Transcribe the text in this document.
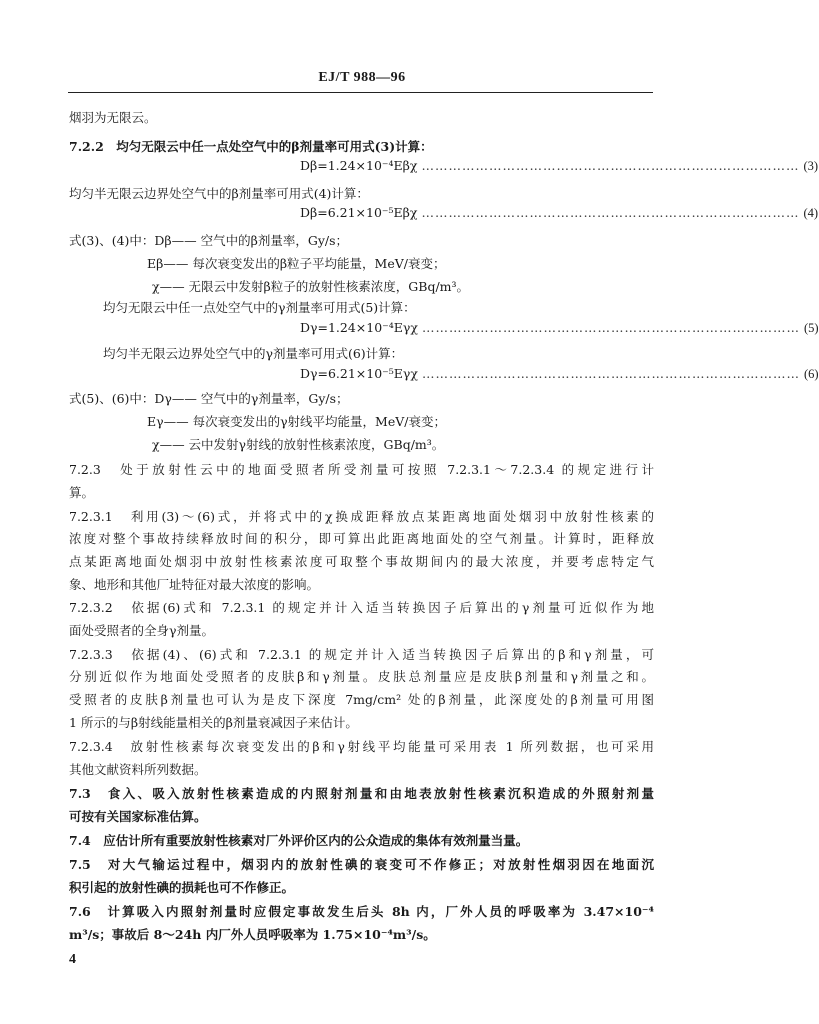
EJ/T 988—96
烟羽为无限云。
7.2.2　均匀无限云中任一点处空气中的β剂量率可用式(3)计算：
Dβ=1.24×10⁻⁴Eβχ ………………………………………………………………………… (3)
均匀半无限云边界处空气中的β剂量率可用式(4)计算：
Dβ=6.21×10⁻⁵Eβχ ………………………………………………………………………… (4)
式(3)、(4)中：Dβ—— 空气中的β剂量率，Gy/s；
Eβ—— 每次衰变发出的β粒子平均能量，MeV/衰变；
χ—— 无限云中发射β粒子的放射性核素浓度，GBq/m³。
均匀无限云中任一点处空气中的γ剂量率可用式(5)计算：
Dγ=1.24×10⁻⁴Eγχ ………………………………………………………………………… (5)
均匀半无限云边界处空气中的γ剂量率可用式(6)计算：
Dγ=6.21×10⁻⁵Eγχ ………………………………………………………………………… (6)
式(5)、(6)中：Dγ—— 空气中的γ剂量率，Gy/s；
Eγ—— 每次衰变发出的γ射线平均能量，MeV/衰变；
χ—— 云中发射γ射线的放射性核素浓度，GBq/m³。
7.2.3　处于放射性云中的地面受照者所受剂量可按照 7.2.3.1～7.2.3.4 的规定进行计
算。
7.2.3.1　利用(3)～(6)式，并将式中的χ换成距释放点某距离地面处烟羽中放射性核素的
浓度对整个事故持续释放时间的积分，即可算出此距离地面处的空气剂量。计算时，距释放
点某距离地面处烟羽中放射性核素浓度可取整个事故期间内的最大浓度，并要考虑特定气
象、地形和其他厂址特征对最大浓度的影响。
7.2.3.2　依据(6)式和 7.2.3.1 的规定并计入适当转换因子后算出的γ剂量可近似作为地
面处受照者的全身γ剂量。
7.2.3.3　依据(4)、(6)式和 7.2.3.1 的规定并计入适当转换因子后算出的β和γ剂量，可
分别近似作为地面处受照者的皮肤β和γ剂量。皮肤总剂量应是皮肤β剂量和γ剂量之和。
受照者的皮肤β剂量也可认为是皮下深度 7mg/cm² 处的β剂量，此深度处的β剂量可用图
1 所示的与β射线能量相关的β剂量衰减因子来估计。
7.2.3.4　放射性核素每次衰变发出的β和γ射线平均能量可采用表 1 所列数据，也可采用
其他文献资料所列数据。
7.3　食入、吸入放射性核素造成的内照射剂量和由地表放射性核素沉积造成的外照射剂量
可按有关国家标准估算。
7.4　应估计所有重要放射性核素对厂外评价区内的公众造成的集体有效剂量当量。
7.5　对大气输运过程中，烟羽内的放射性碘的衰变可不作修正；对放射性烟羽因在地面沉
积引起的放射性碘的损耗也可不作修正。
7.6　计算吸入内照射剂量时应假定事故发生后头 8h 内，厂外人员的呼吸率为 3.47×10⁻⁴
m³/s；事故后 8～24h 内厂外人员呼吸率为 1.75×10⁻⁴m³/s。
4
